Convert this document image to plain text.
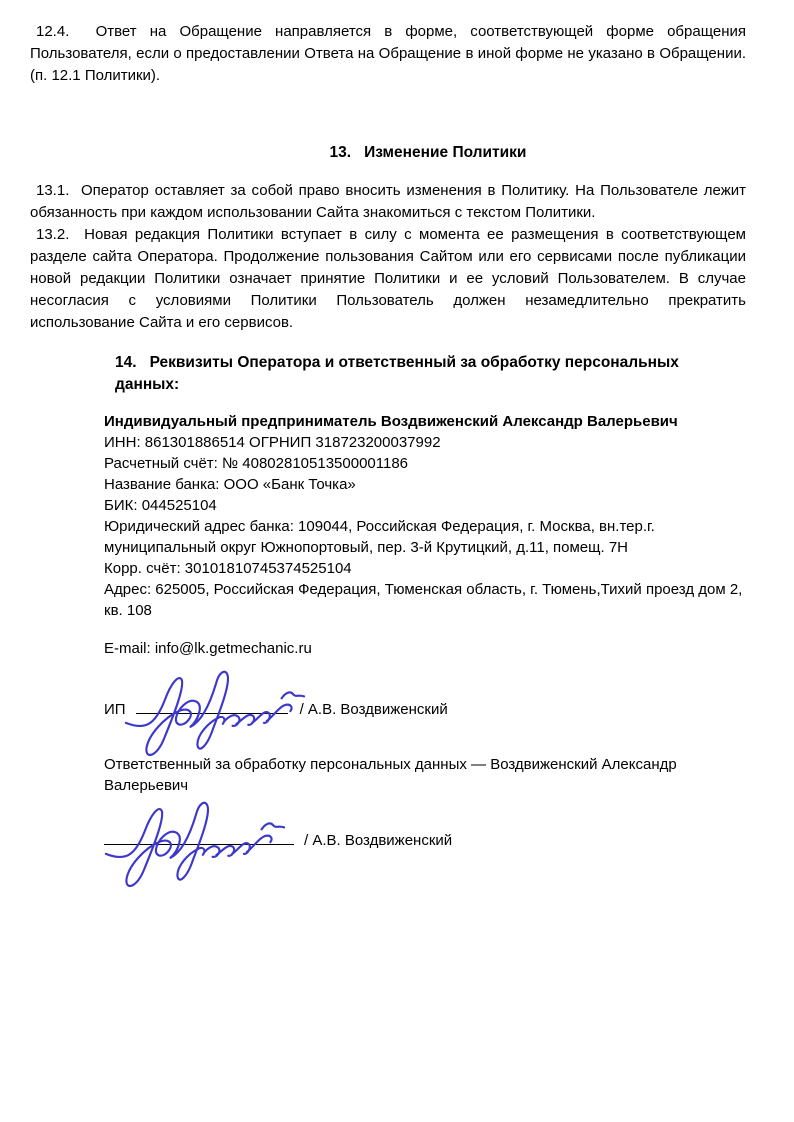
12.4.  Ответ на Обращение направляется в форме, соответствующей форме обращения Пользователя, если о предоставлении Ответа на Обращение в иной форме не указано в Обращении. (п. 12.1 Политики).

13. Изменение Политики

13.1.  Оператор оставляет за собой право вносить изменения в Политику. На Пользователе лежит обязанность при каждом использовании Сайта знакомиться с текстом Политики.

13.2.  Новая редакция Политики вступает в силу с момента ее размещения в соответствующем разделе сайта Оператора. Продолжение пользования Сайтом или его сервисами после публикации новой редакции Политики означает принятие Политики и ее условий Пользователем. В случае несогласия с условиями Политики Пользователь должен незамедлительно прекратить использование Сайта и его сервисов.

14. Реквизиты Оператора и ответственный за обработку персональных данных:

Индивидуальный предприниматель Воздвиженский Александр Валерьевич

ИНН: 861301886514 ОГРНИП 318723200037992
Расчетный счёт: № 40802810513500001186
Название банка: ООО «Банк Точка»
БИК: 044525104
Юридический адрес банка: 109044, Российская Федерация, г. Москва, вн.тер.г.
муниципальный округ Южнопортовый, пер. 3-й Крутицкий, д.11, помещ. 7Н
Корр. счёт: 30101810745374525104
Адрес: 625005, Российская Федерация, Тюменская область, г. Тюмень,Тихий проезд дом 2,
кв. 108

E-mail: info@lk.getmechanic.ru

ИП	/ А.В. Воздвиженский

Ответственный за обработку персональных данных — Воздвиженский Александр Валерьевич

/ А.В. Воздвиженский
